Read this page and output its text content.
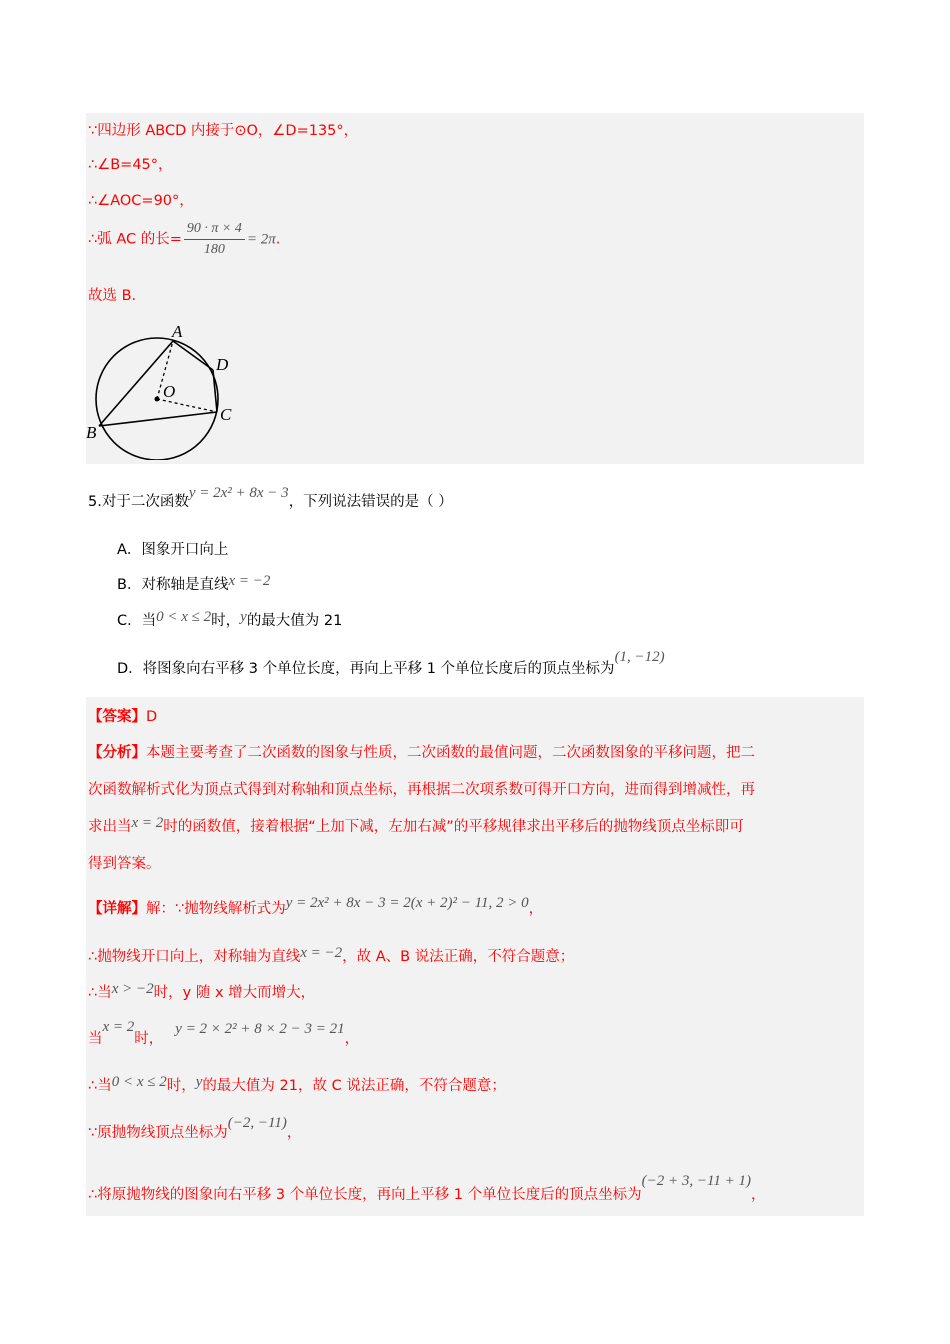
∵四边形 ABCD 内接于⊙O，∠D=135°，
∴∠B=45°，
∴∠AOC=90°，
∴弧 AC 的长= $\frac{90 \cdot \pi \times 4}{180} = 2\pi$.
故选 B．
A
D
O
C
B
5.对于二次函数y = 2x² + 8x − 3，下列说法错误的是（ ）
A．图象开口向上
B．对称轴是直线x = −2
C．当0 < x ≤ 2时，y的最大值为 21
D．将图象向右平移 3 个单位长度，再向上平移 1 个单位长度后的顶点坐标为(1, −12)
【答案】D
【分析】本题主要考查了二次函数的图象与性质，二次函数的最值问题，二次函数图象的平移问题，把二
次函数解析式化为顶点式得到对称轴和顶点坐标，再根据二次项系数可得开口方向，进而得到增减性，再
求出当x = 2时的函数值，接着根据“上加下减，左加右减”的平移规律求出平移后的抛物线顶点坐标即可
得到答案。
【详解】解：∵抛物线解析式为y = 2x² + 8x − 3 = 2(x + 2)² − 11, 2 > 0，
∴抛物线开口向上，对称轴为直线x = −2，故 A、B 说法正确，不符合题意；
∴当x > −2时，y 随 x 增大而增大，
当x = 2时，y = 2 × 2² + 8 × 2 − 3 = 21，
∴当0 < x ≤ 2时，y的最大值为 21，故 C 说法正确，不符合题意；
∵原抛物线顶点坐标为(−2, −11)，
∴将原抛物线的图象向右平移 3 个单位长度，再向上平移 1 个单位长度后的顶点坐标为(−2 + 3, −11 + 1)，
